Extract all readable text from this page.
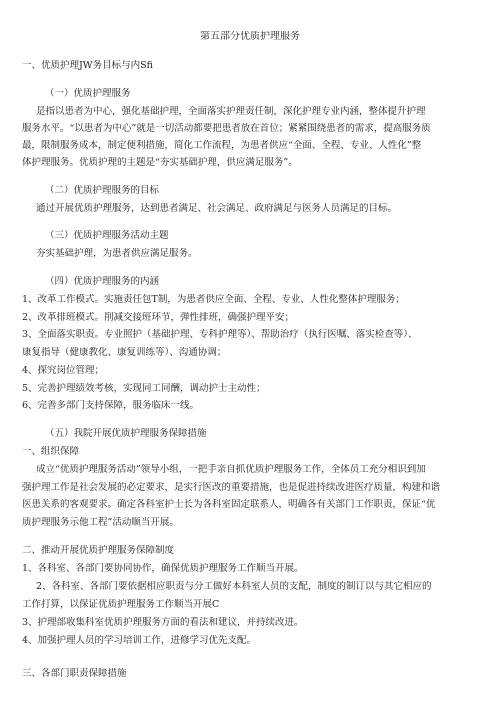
第五部分优质护理服务
一、优质护理JW务目标与内Sfi
（一）优质护理服务
是指以患者为中心，强化基础护理，全面落实护理责任制，深化护理专业内涵，整体提升护理
服务水平。“以患者为中心”就是一切活动都要把患者放在首位；紧紧围绕患者的需求，提高服务质
最，限制服务成本，制定便利措施，简化工作流程，为患者供应“全面、全程、专业、人性化”整
体护理服务。优质护理的主题是“夯实基础护理，供应满足服务”。
（二）优质护理服务的目标
通过开展优质护理服务，达到患者满足、社会满足、政府满足与医务人员满足的目标。
（三）优质护理服务活动主题
夯实基础护理，为患者供应满足服务。
（四）优质护理服务的内涵
1、改革工作模式。实施责任包T制，为患者供应全面、全程、专业、人性化整体护理服务；
2、改革排班模式。削减交接班环节，弹性排班，确强护理平安；
3、全面落实职责。专业照护（基础护理、专科护理等）、帮助治疗（执行医嘱、落实检查等）、
康复指导（健康教化、康复训练等）、沟通协调；
4、探究岗位管理；
5、完善护理绩效考核，实现同工同酬，调动护士主动性；
6、完善多部门支持保障，服务临床一线。
（五）我院开展优质护理服务保障措施
一、组织保障
成立“优质护理服务活动”领导小组，一把手亲自抓优质护理服务工作，全体员工充分相识到加
强护理工作是社会发展的必定要求，是实行医改的重要措施，也是促进持续改进医疗质量，构建和谐
医患关系的客观要求。确定各科室护士长为各科室固定联系人，明确各有关部门工作职责，保证“优
质护理服务示他工程”活动顺当开展。
二、推动开展优质护理服务保障制度
1、各科室、各部门要协同协作，确保优质护理服务工作顺当开展。
2、各科室、各部门要依据相应职责与分工做好本科室人员的支配，制度的制订以与其它相应的
工作打算，以保证优质护理服务工作顺当开展C
3、护理部收集科室优质护理服务方面的看法和建议，并持续改进。
4、加强护理人员的学习培训工作，进修学习优先支配。
三、各部门职责保障措施
